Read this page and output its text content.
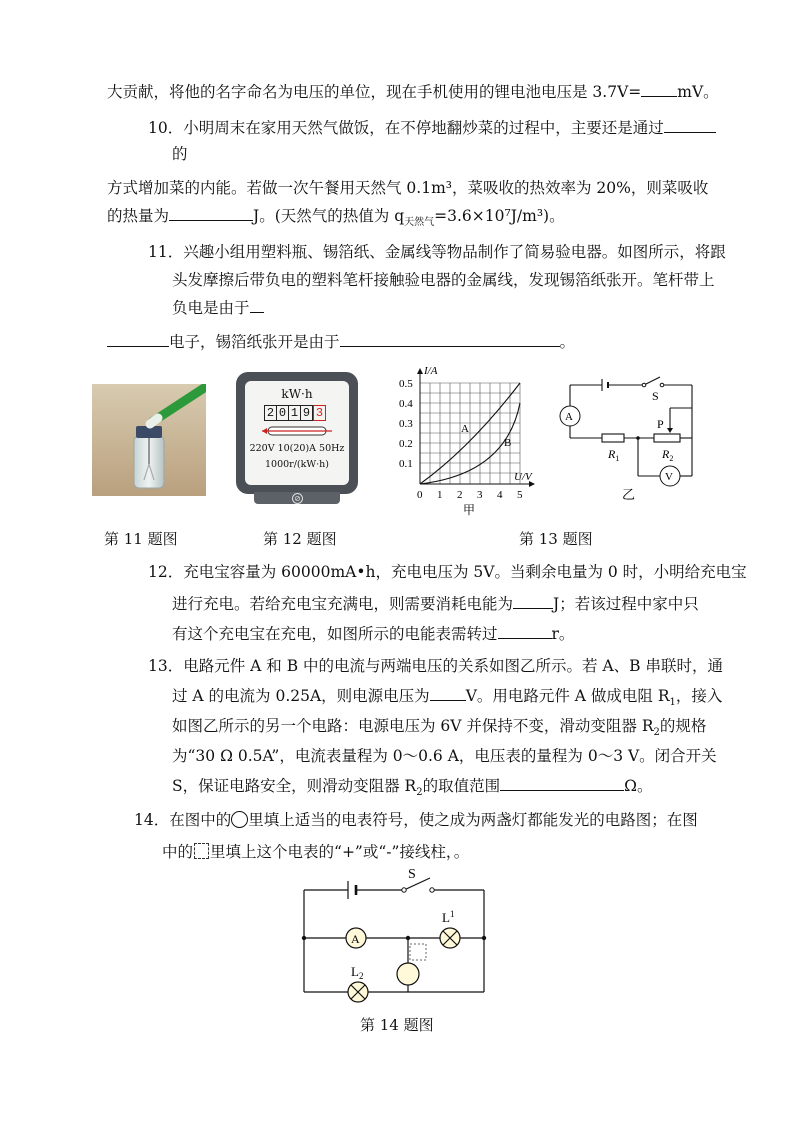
大贡献，将他的名字命名为电压的单位，现在手机使用的锂电池电压是 3.7V= mV。
10．小明周末在家用天然气做饭，在不停地翻炒菜的过程中，主要还是通过
的
方式增加菜的内能。若做一次午餐用天然气 0.1m³，菜吸收的热效率为 20%，则菜吸收
的热量为	J。(天然气的热值为 $q_{天然气}=3.6\times 10^7J/m^3$)。
11．兴趣小组用塑料瓶、锡箔纸、金属线等物品制作了简易验电器。如图所示，将跟
头发摩擦后带负电的塑料笔杆接触验电器的金属线，发现锡箔纸张开。笔杆带上
负电是由于
电子，锡箔纸张开是由于	。
kW·h
2 0 1 9 3
220V 10(20)A 50Hz
1000r/(kW·h)
⊘
I/A
U/V
0.5
0.4
0.3
0.2
0.1
0 1 2 3 4 5
A
B
甲
A
V
S
P
$R_1$	$R_2$
乙
第 11 题图	第 12 题图	第 13 题图
12．充电宝容量为 60000mA•h，充电电压为 5V。当剩余电量为 0 时，小明给充电宝
进行充电。若给充电宝充满电，则需要消耗电能为	J；若该过程中家中只
有这个充电宝在充电，如图所示的电能表需转过	r。
13．电路元件 A 和 B 中的电流与两端电压的关系如图乙所示。若 A、B 串联时，通
过 A 的电流为 0.25A，则电源电压为 V。用电路元件 A 做成电阻 $R_1$，接入
如图乙所示的另一个电路：电源电压为 6V 并保持不变，滑动变阻器 $R_2$的规格
为“30 Ω 0.5A”，电流表量程为 0～0.6 A，电压表的量程为 0～3 V。闭合开关
S，保证电路安全，则滑动变阻器 $R_2$的取值范围	Ω。
14．在图中的 里填上适当的电表符号，使之成为两盏灯都能发光的电路图；在图
中的 里填上这个电表的“+”或“-”接线柱，。
A
S
$L^1$
$L_2$
第 14 题图
